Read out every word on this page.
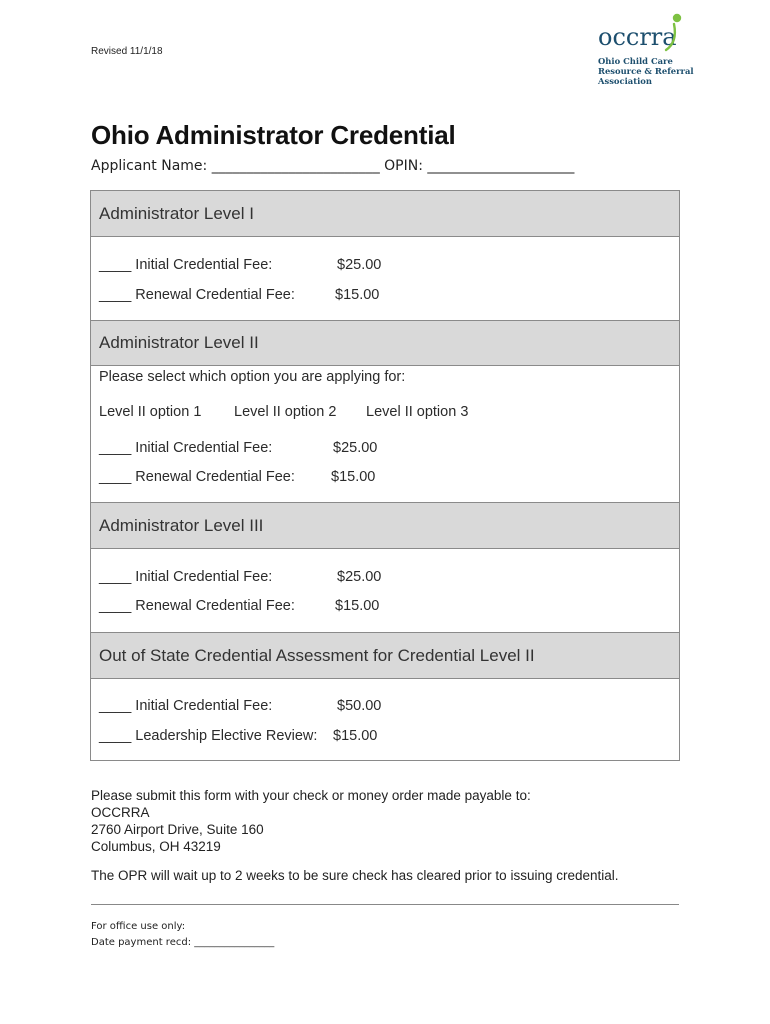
Revised 11/1/18
occrra
Ohio Child Care
Resource & Referral
Association
Ohio Administrator Credential
Applicant Name: ________________________ OPIN: _____________________
Administrator Level I
____ Initial Credential Fee:	$25.00
____ Renewal Credential Fee:	$15.00
Administrator Level II
Please select which option you are applying for:
Level II option 1 Level II option 2 Level II option 3
____ Initial Credential Fee:	$25.00
____ Renewal Credential Fee: $15.00
Administrator Level III
____ Initial Credential Fee:	$25.00
____ Renewal Credential Fee:	$15.00
Out of State Credential Assessment for Credential Level II
____ Initial Credential Fee:	$50.00
____ Leadership Elective Review: $15.00
Please submit this form with your check or money order made payable to:
OCCRRA
2760 Airport Drive, Suite 160
Columbus, OH 43219
The OPR will wait up to 2 weeks to be sure check has cleared prior to issuing credential.
For office use only:
Date payment recd: ________________
